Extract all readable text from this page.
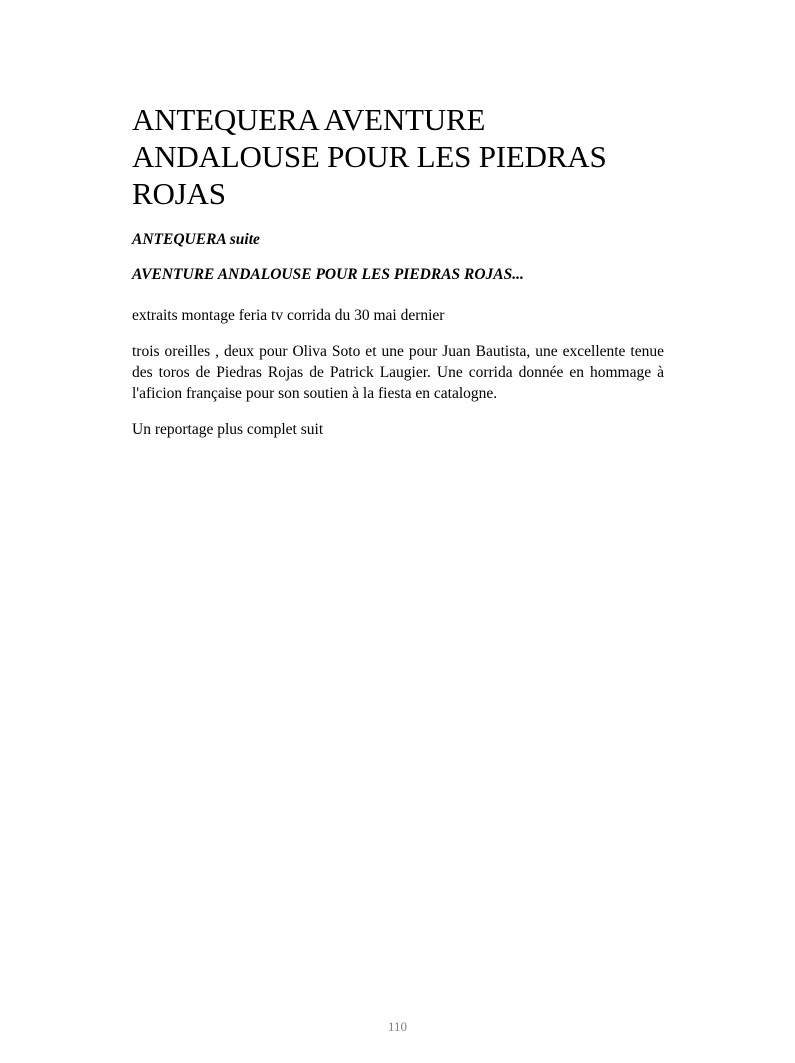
ANTEQUERA AVENTURE ANDALOUSE POUR LES PIEDRAS ROJAS

ANTEQUERA suite

AVENTURE ANDALOUSE POUR LES PIEDRAS ROJAS...

extraits montage feria tv corrida du 30 mai dernier

trois oreilles , deux pour Oliva Soto et une pour Juan Bautista, une excellente tenue des toros de Piedras Rojas de Patrick Laugier. Une corrida donnée en hommage à l'aficion française pour son soutien à la fiesta en catalogne.

Un reportage plus complet suit

110
